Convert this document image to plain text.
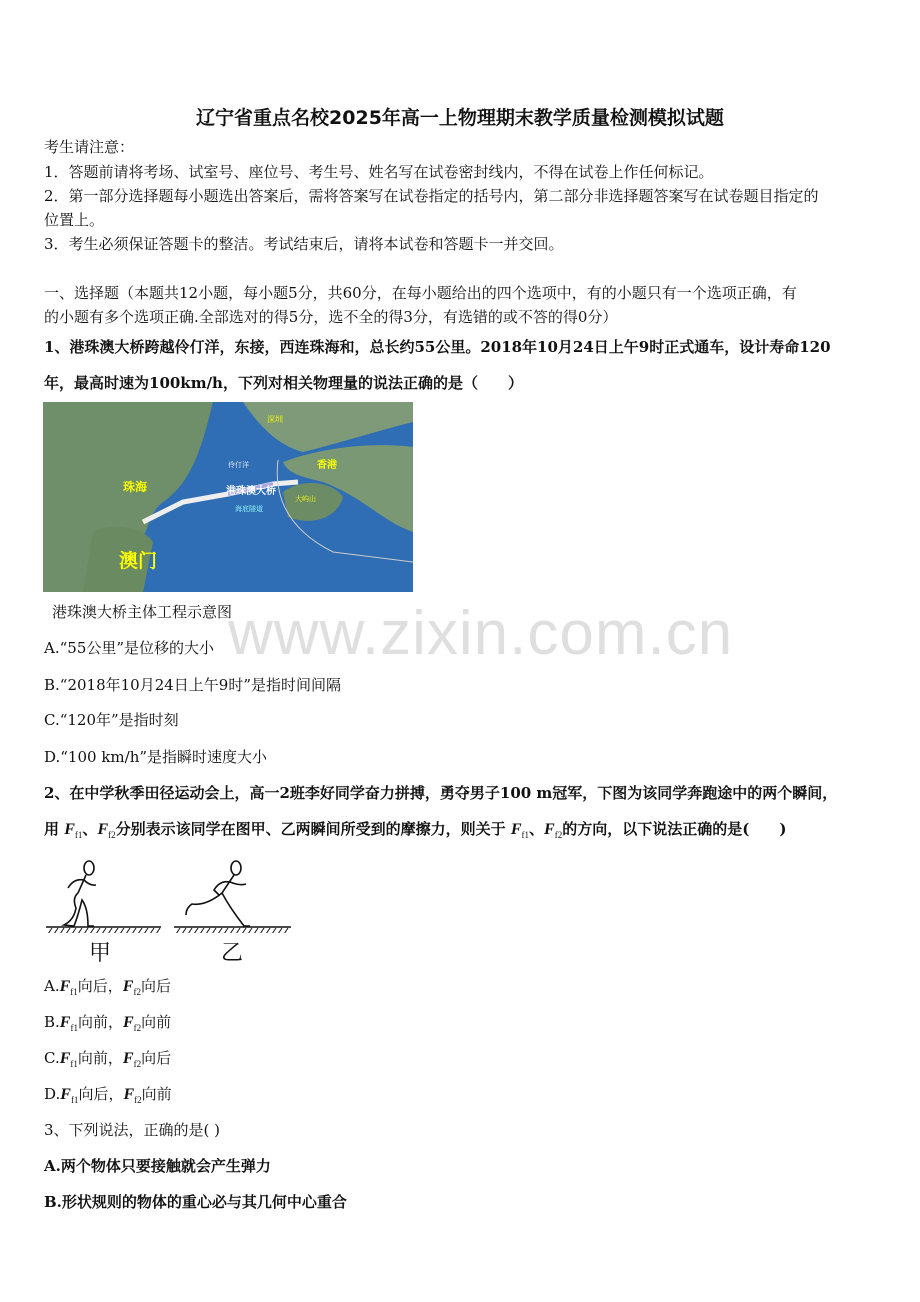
辽宁省重点名校2025年高一上物理期末教学质量检测模拟试题
考生请注意：
1．答题前请将考场、试室号、座位号、考生号、姓名写在试卷密封线内，不得在试卷上作任何标记。
2．第一部分选择题每小题选出答案后，需将答案写在试卷指定的括号内，第二部分非选择题答案写在试卷题目指定的
位置上。
3．考生必须保证答题卡的整洁。考试结束后，请将本试卷和答题卡一并交回。
一、选择题（本题共12小题，每小题5分，共60分，在每小题给出的四个选项中，有的小题只有一个选项正确，有
的小题有多个选项正确.全部选对的得5分，选不全的得3分，有选错的或不答的得0分）
1、港珠澳大桥跨越伶仃洋，东接，西连珠海和，总长约55公里。2018年10月24日上午9时正式通车，设计寿命120
年，最高时速为100km/h，下列对相关物理量的说法正确的是（　　）
深圳
香港
伶仃洋
港珠澳大桥
珠海
澳门
海底隧道
大屿山
港珠澳大桥主体工程示意图
www.zixin.com.cn
A.“55公里”是位移的大小
B.“2018年10月24日上午9时”是指时间间隔
C.“120年”是指时刻
D.“100 km/h”是指瞬时速度大小
2、在中学秋季田径运动会上，高一2班李好同学奋力拼搏，勇夺男子100 m冠军，下图为该同学奔跑途中的两个瞬间，
用 $F_{f1}$、$F_{f2}$分别表示该同学在图甲、乙两瞬间所受到的摩擦力，则关于 $F_{f1}$、$F_{f2}$的方向，以下说法正确的是(　　)
甲	乙
$A.F_{f1}$向后，$F_{f2}$向后
$B.F_{f1}$向前，$F_{f2}$向前
$C.F_{f1}$向前，$F_{f2}$向后
$D.F_{f1}$向后，$F_{f2}$向前
3、下列说法，正确的是( )
A.两个物体只要接触就会产生弹力
B.形状规则的物体的重心必与其几何中心重合
